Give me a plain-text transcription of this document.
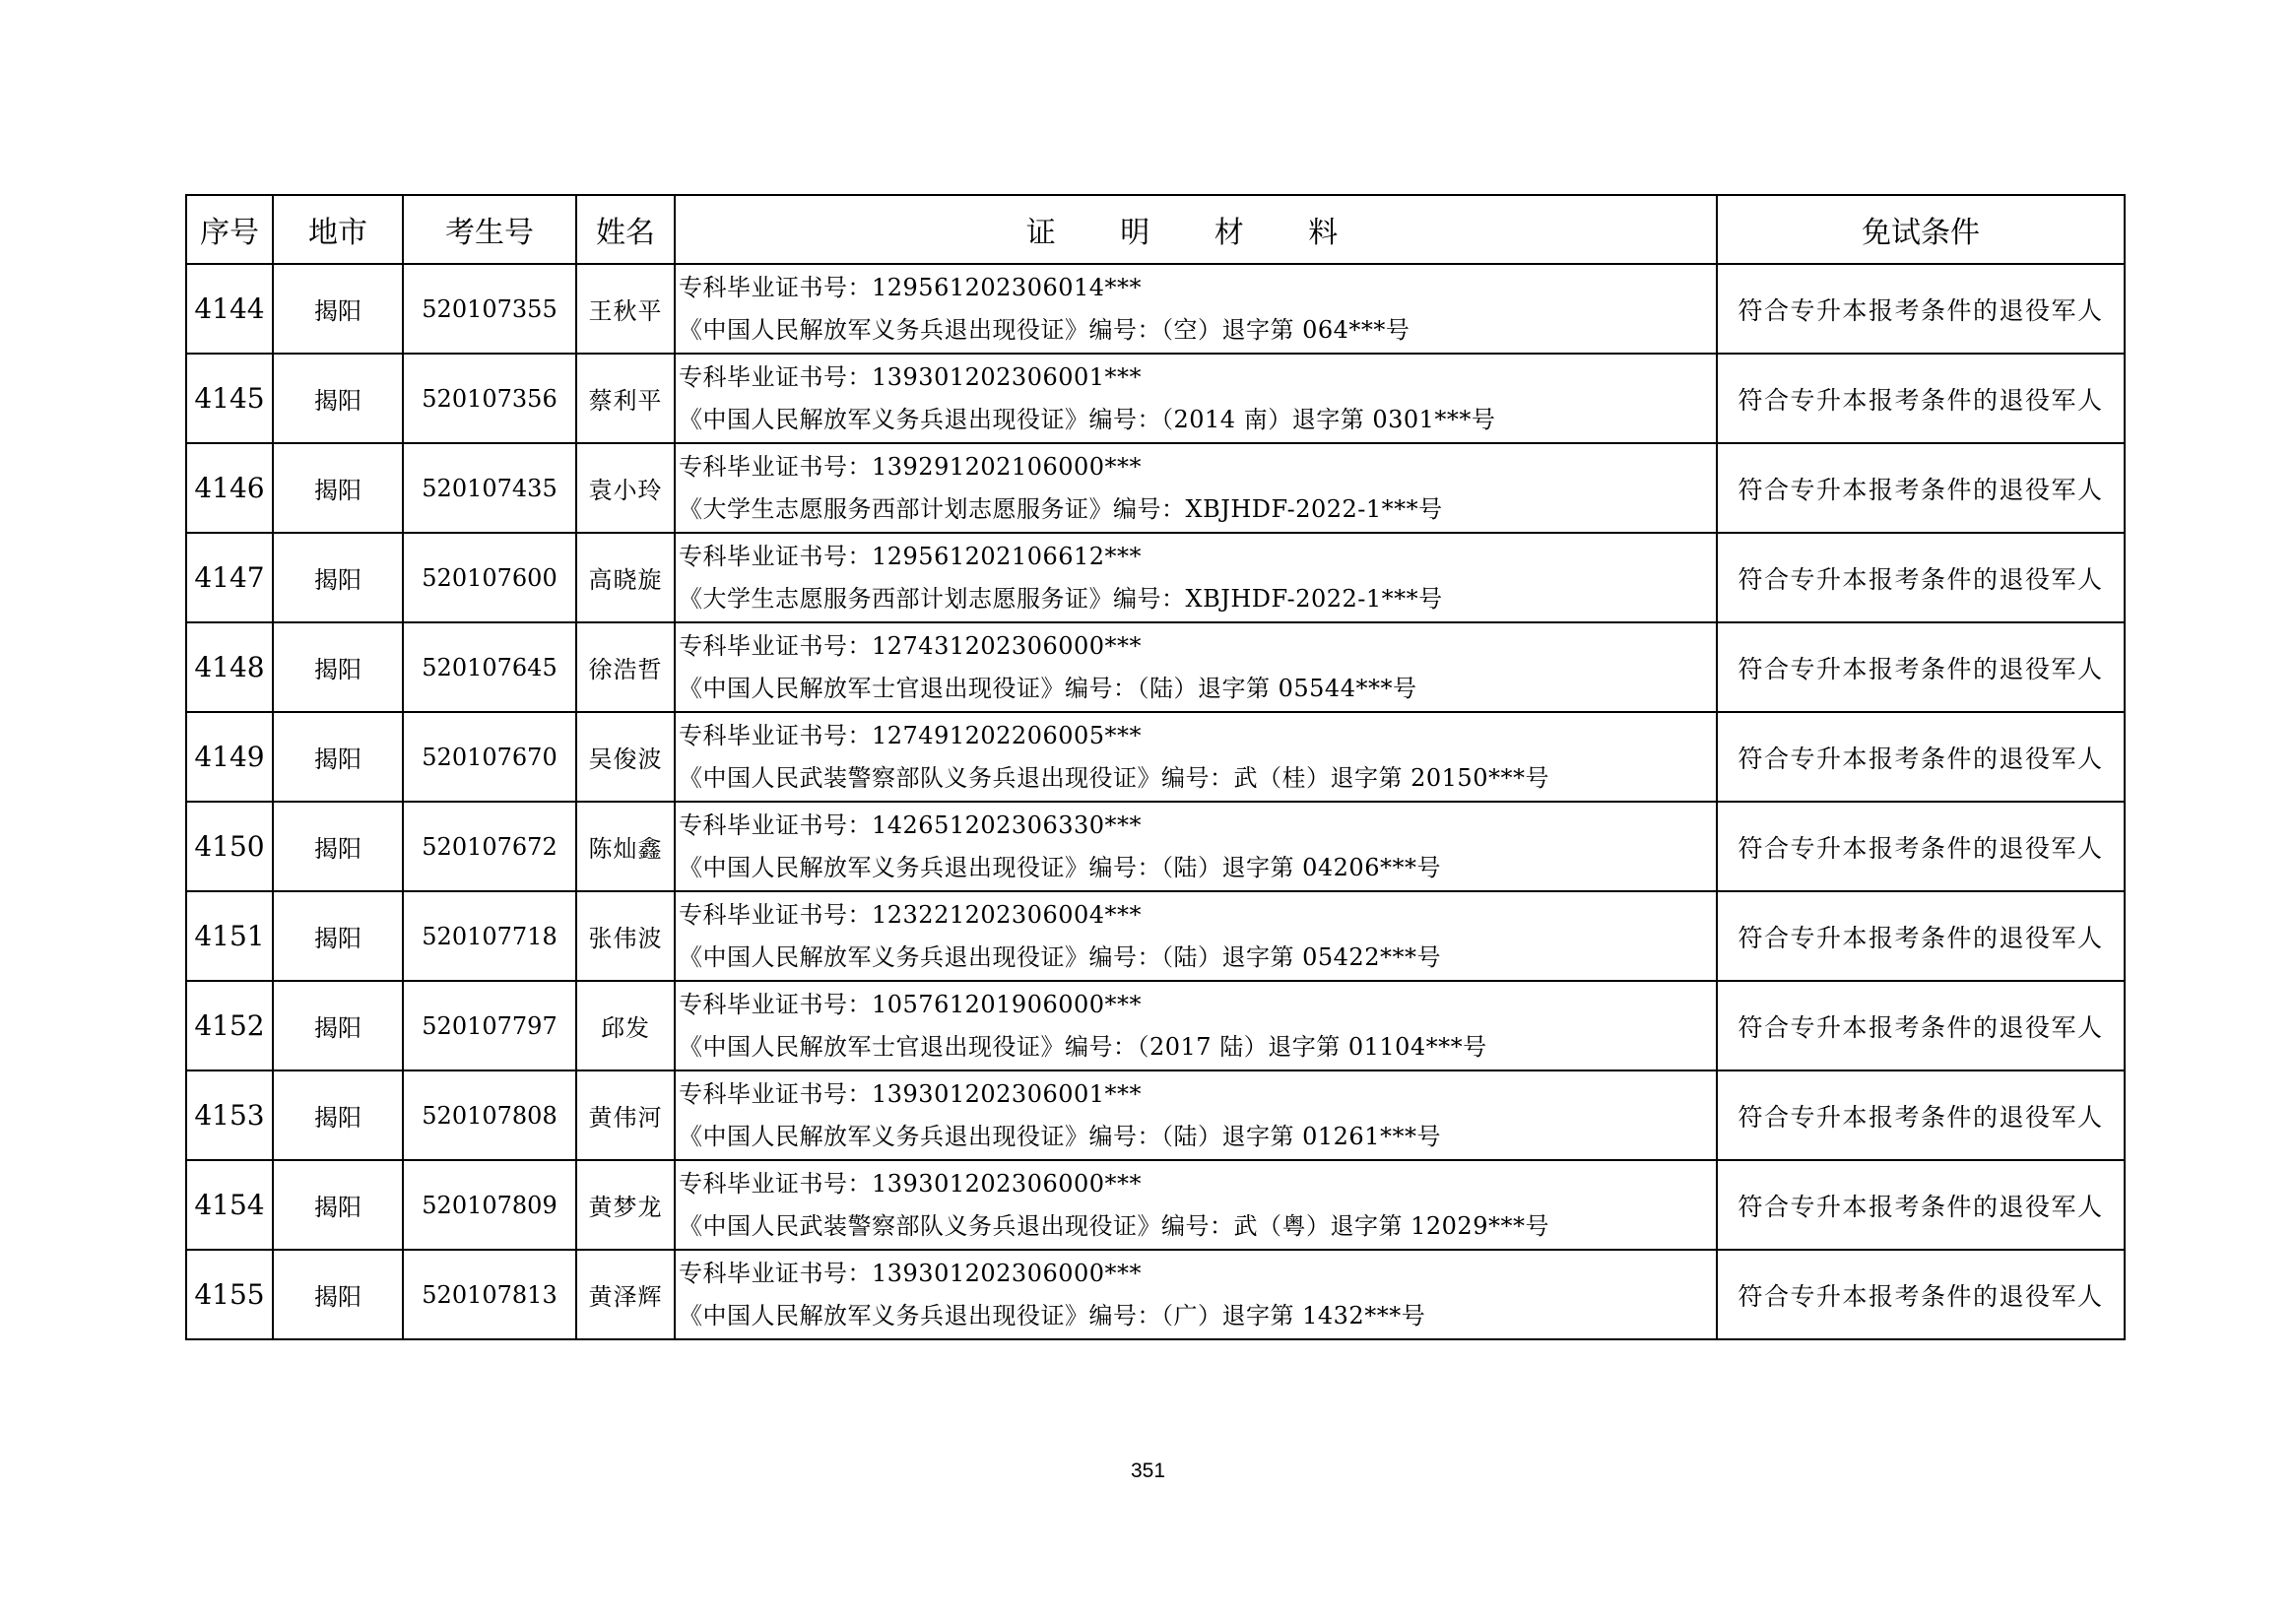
序号	地市	考生号	姓名	证 明 材 料	免试条件
4144	揭阳	520107355	王秋平	专科毕业证书号：129561202306014***
《中国人民解放军义务兵退出现役证》编号：（空）退字第 064***号	符合专升本报考条件的退役军人
4145	揭阳	520107356	蔡利平	专科毕业证书号：139301202306001***
《中国人民解放军义务兵退出现役证》编号：（2014 南）退字第 0301***号	符合专升本报考条件的退役军人
4146	揭阳	520107435	袁小玲	专科毕业证书号：139291202106000***
《大学生志愿服务西部计划志愿服务证》编号：XBJHDF-2022-1***号	符合专升本报考条件的退役军人
4147	揭阳	520107600	高晓旋	专科毕业证书号：129561202106612***
《大学生志愿服务西部计划志愿服务证》编号：XBJHDF-2022-1***号	符合专升本报考条件的退役军人
4148	揭阳	520107645	徐浩哲	专科毕业证书号：127431202306000***
《中国人民解放军士官退出现役证》编号：（陆）退字第 05544***号	符合专升本报考条件的退役军人
4149	揭阳	520107670	吴俊波	专科毕业证书号：127491202206005***
《中国人民武装警察部队义务兵退出现役证》编号：武（桂）退字第 20150***号	符合专升本报考条件的退役军人
4150	揭阳	520107672	陈灿鑫	专科毕业证书号：142651202306330***
《中国人民解放军义务兵退出现役证》编号：（陆）退字第 04206***号	符合专升本报考条件的退役军人
4151	揭阳	520107718	张伟波	专科毕业证书号：123221202306004***
《中国人民解放军义务兵退出现役证》编号：（陆）退字第 05422***号	符合专升本报考条件的退役军人
4152	揭阳	520107797	邱发	专科毕业证书号：105761201906000***
《中国人民解放军士官退出现役证》编号：（2017 陆）退字第 01104***号	符合专升本报考条件的退役军人
4153	揭阳	520107808	黄伟河	专科毕业证书号：139301202306001***
《中国人民解放军义务兵退出现役证》编号：（陆）退字第 01261***号	符合专升本报考条件的退役军人
4154	揭阳	520107809	黄梦龙	专科毕业证书号：139301202306000***
《中国人民武装警察部队义务兵退出现役证》编号：武（粤）退字第 12029***号	符合专升本报考条件的退役军人
4155	揭阳	520107813	黄泽辉	专科毕业证书号：139301202306000***
《中国人民解放军义务兵退出现役证》编号：（广）退字第 1432***号	符合专升本报考条件的退役军人
351
